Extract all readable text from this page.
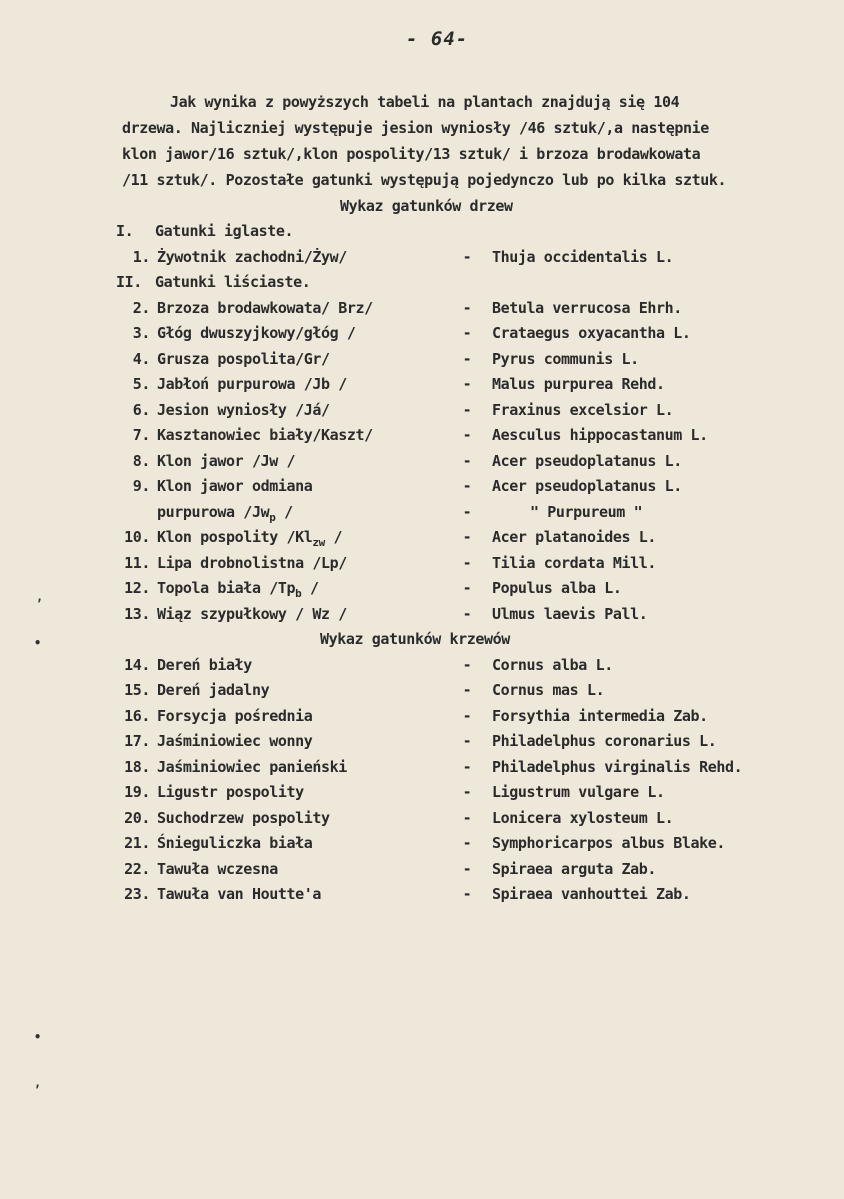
- 64-
Jak wynika z powyższych tabeli na plantach znajdują się 104
drzewa. Najliczniej występuje jesion wyniosły /46 sztuk/,a następnie
klon jawor/16 sztuk/,klon pospolity/13 sztuk/ i brzoza brodawkowata
/11 sztuk/. Pozostałe gatunki występują pojedynczo lub po kilka sztuk.
Wykaz gatunków drzew
I. Gatunki iglaste.
1. Żywotnik zachodni/Żyw/	- Thuja occidentalis L.
II. Gatunki liściaste.
2. Brzoza brodawkowata/ Brz/	- Betula verrucosa Ehrh.
3. Głóg dwuszyjkowy/głóg /	- Crataegus oxyacantha L.
4. Grusza pospolita/Gr/	- Pyrus communis L.
5. Jabłoń purpurowa /Jb /	- Malus purpurea Rehd.
6. Jesion wyniosły /Já/	- Fraxinus excelsior L.
7. Kasztanowiec biały/Kaszt/	- Aesculus hippocastanum L.
8. Klon jawor /Jw /	- Acer pseudoplatanus L.
9. Klon jawor odmiana	- Acer pseudoplatanus L.
purpurowa $/Jw_p$ /	-	" Purpureum "
10. Klon pospolity $/Kl_{zw}$ /	- Acer platanoides L.
11. Lipa drobnolistna /Lp/	- Tilia cordata Mill.
12. Topola biała $/Tp_b$ /	- Populus alba L.
13. Wiąz szypułkowy / Wz /	- Ulmus laevis Pall.
Wykaz gatunków krzewów
14. Dereń biały	- Cornus alba L.
15. Dereń jadalny	- Cornus mas L.
16. Forsycja pośrednia	- Forsythia intermedia Zab.
17. Jaśminiowiec wonny	- Philadelphus coronarius L.
18. Jaśminiowiec panieński	- Philadelphus virginalis Rehd.
19. Ligustr pospolity	- Ligustrum vulgare L.
20. Suchodrzew pospolity	- Lonicera xylosteum L.
21. Śnieguliczka biała	- Symphoricarpos albus Blake.
22. Tawuła wczesna	- Spiraea arguta Zab.
23. Tawuła van Houtte'a	- Spiraea vanhouttei Zab.
,
•
•
,
